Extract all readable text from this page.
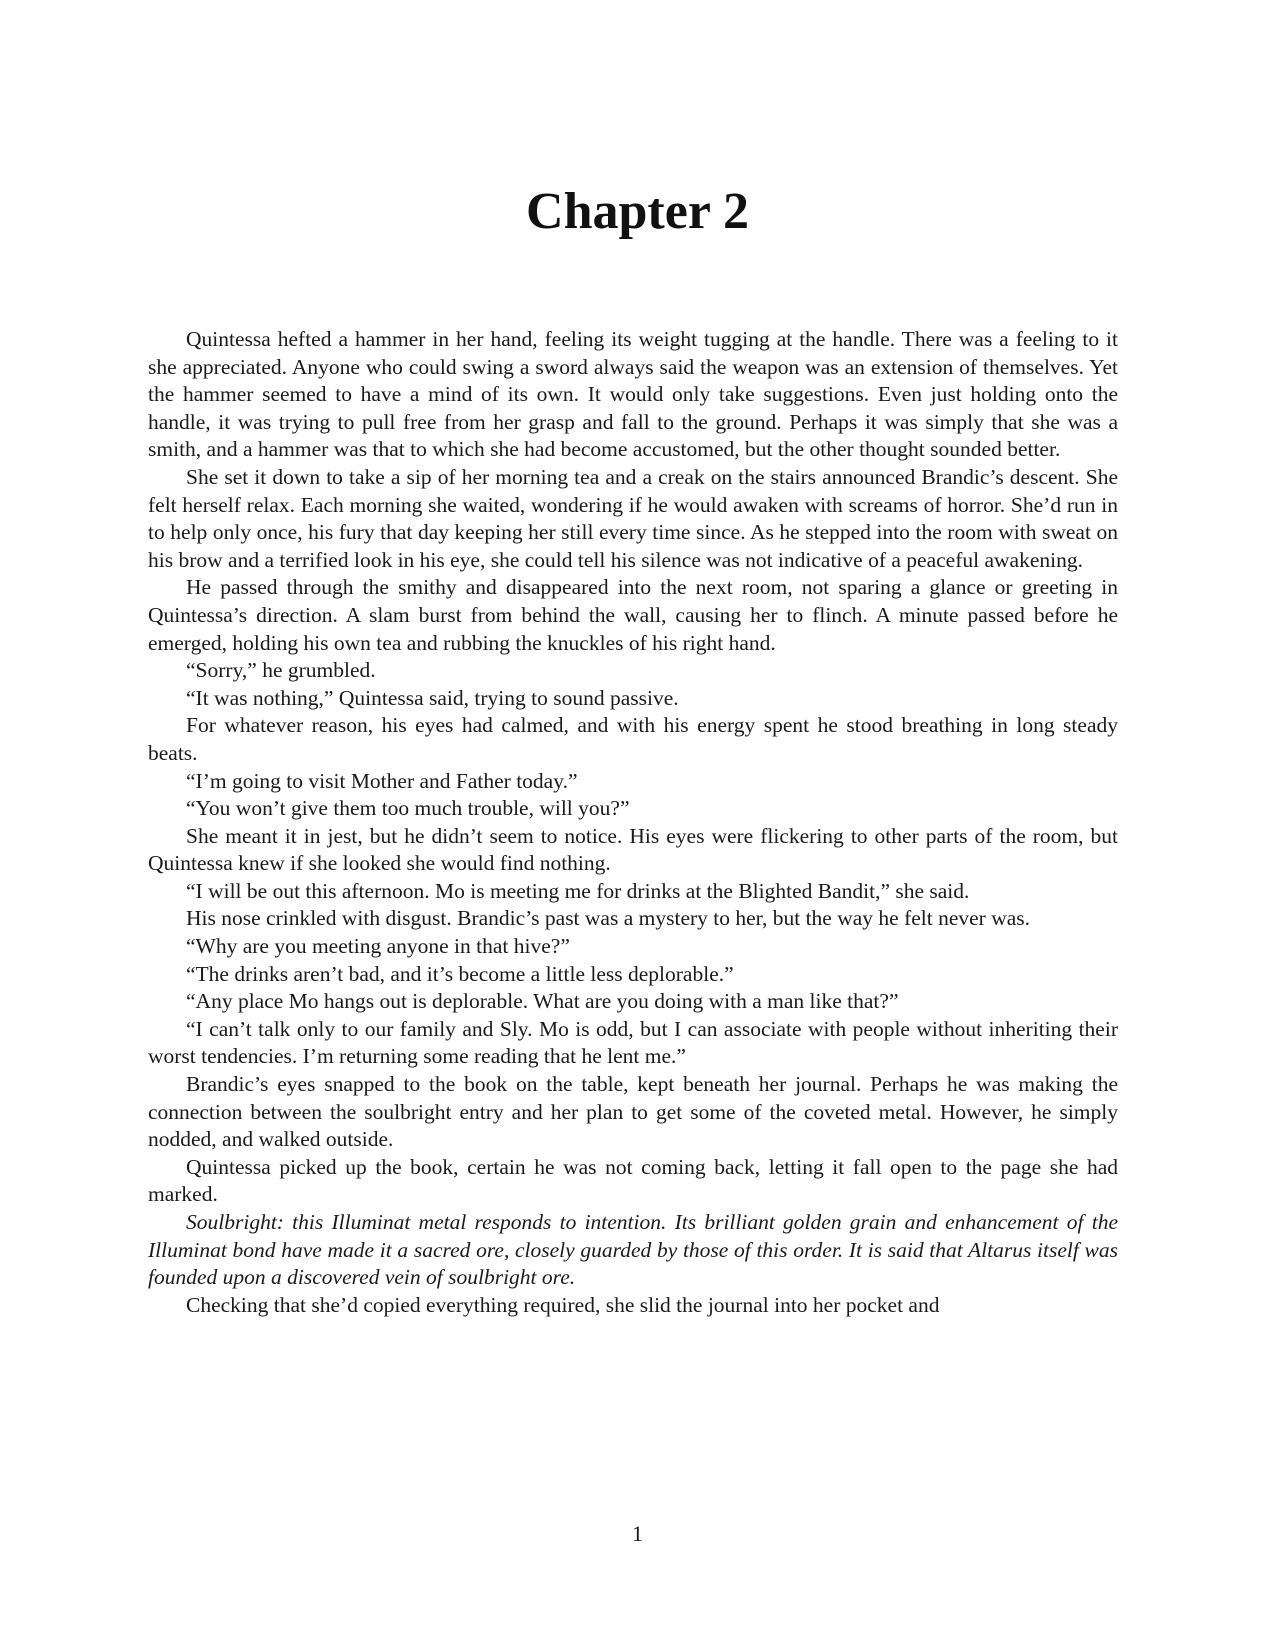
Chapter 2

Quintessa hefted a hammer in her hand, feeling its weight tugging at the handle. There was a feeling to it she appreciated. Anyone who could swing a sword always said the weapon was an extension of themselves. Yet the hammer seemed to have a mind of its own. It would only take suggestions. Even just holding onto the handle, it was trying to pull free from her grasp and fall to the ground. Perhaps it was simply that she was a smith, and a hammer was that to which she had become accustomed, but the other thought sounded better.

She set it down to take a sip of her morning tea and a creak on the stairs announced Brandic’s descent. She felt herself relax. Each morning she waited, wondering if he would awaken with screams of horror. She’d run in to help only once, his fury that day keeping her still every time since. As he stepped into the room with sweat on his brow and a terrified look in his eye, she could tell his silence was not indicative of a peaceful awakening.

He passed through the smithy and disappeared into the next room, not sparing a glance or greeting in Quintessa’s direction. A slam burst from behind the wall, causing her to flinch. A minute passed before he emerged, holding his own tea and rubbing the knuckles of his right hand.

“Sorry,” he grumbled.

“It was nothing,” Quintessa said, trying to sound passive.

For whatever reason, his eyes had calmed, and with his energy spent he stood breathing in long steady beats.

“I’m going to visit Mother and Father today.”

“You won’t give them too much trouble, will you?”

She meant it in jest, but he didn’t seem to notice. His eyes were flickering to other parts of the room, but Quintessa knew if she looked she would find nothing.

“I will be out this afternoon. Mo is meeting me for drinks at the Blighted Bandit,” she said.

His nose crinkled with disgust. Brandic’s past was a mystery to her, but the way he felt never was.

“Why are you meeting anyone in that hive?”

“The drinks aren’t bad, and it’s become a little less deplorable.”

“Any place Mo hangs out is deplorable. What are you doing with a man like that?”

“I can’t talk only to our family and Sly. Mo is odd, but I can associate with people without inheriting their worst tendencies. I’m returning some reading that he lent me.”

Brandic’s eyes snapped to the book on the table, kept beneath her journal. Perhaps he was making the connection between the soulbright entry and her plan to get some of the coveted metal. However, he simply nodded, and walked outside.

Quintessa picked up the book, certain he was not coming back, letting it fall open to the page she had marked.

Soulbright: this Illuminat metal responds to intention. Its brilliant golden grain and enhancement of the Illuminat bond have made it a sacred ore, closely guarded by those of this order. It is said that Altarus itself was founded upon a discovered vein of soulbright ore.

Checking that she’d copied everything required, she slid the journal into her pocket and

1
